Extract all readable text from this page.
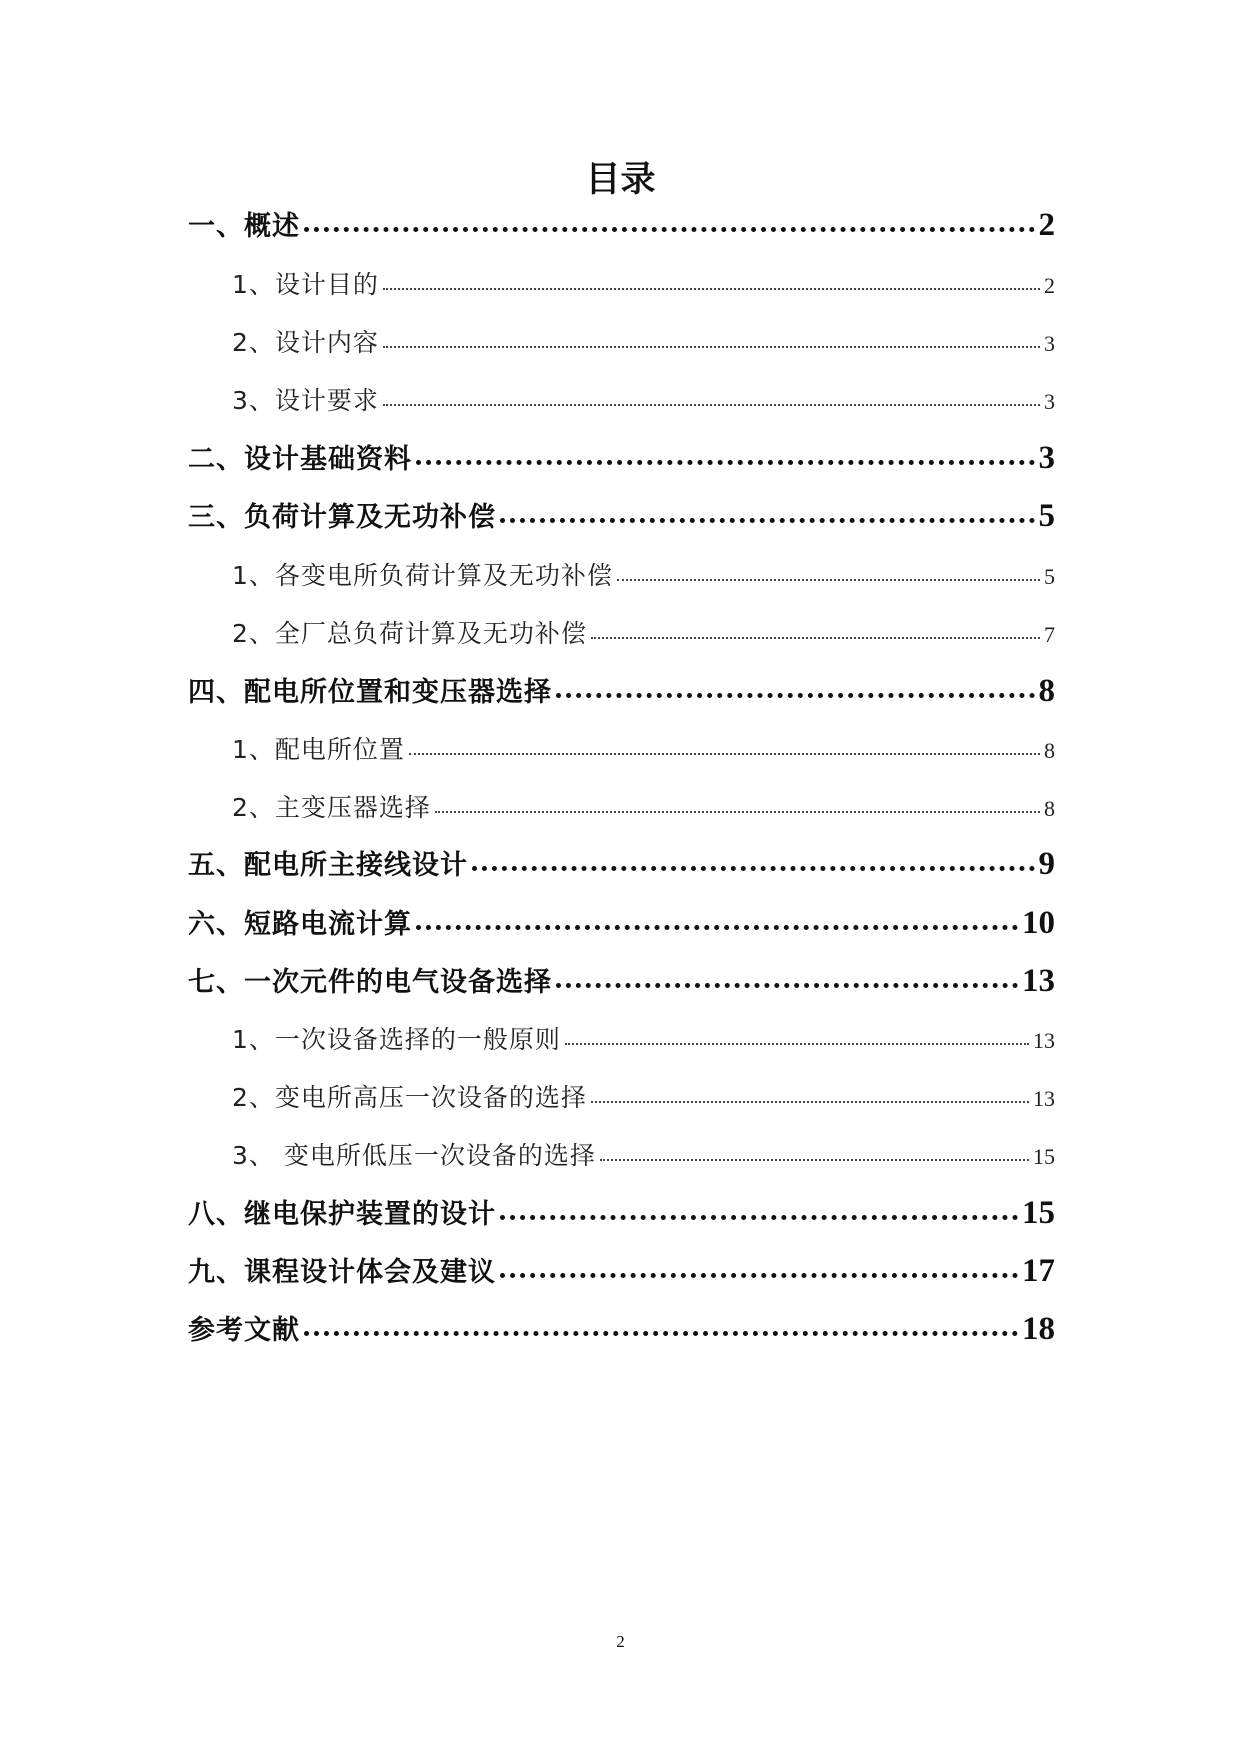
目录
一、概述	2
1、设计目的	2
2、设计内容	3
3、设计要求	3
二、设计基础资料	3
三、负荷计算及无功补偿	5
1、各变电所负荷计算及无功补偿	5
2、全厂总负荷计算及无功补偿	7
四、配电所位置和变压器选择	8
1、配电所位置	8
2、主变压器选择	8
五、配电所主接线设计	9
六、短路电流计算	10
七、一次元件的电气设备选择	13
1、一次设备选择的一般原则	13
2、变电所高压一次设备的选择	13
3、 变电所低压一次设备的选择	15
八、继电保护装置的设计	15
九、课程设计体会及建议	17
参考文献	18
2
